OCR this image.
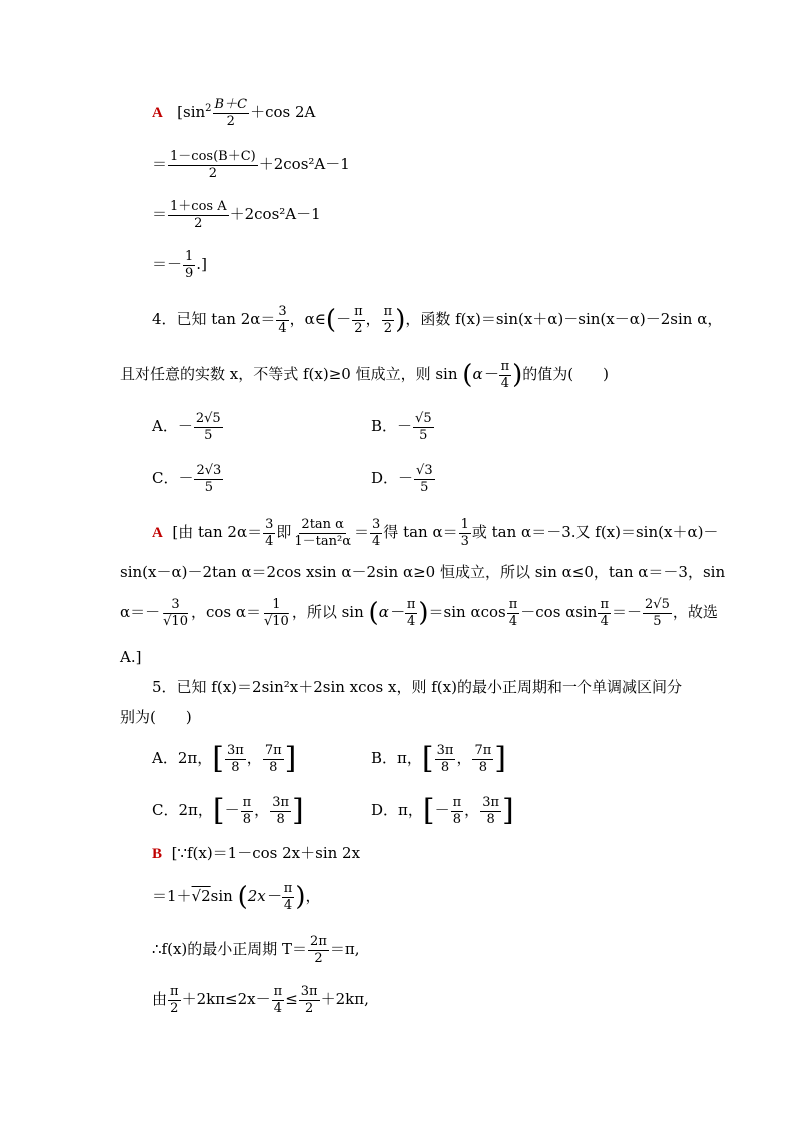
A [$\sin^2 \frac{B+C}{2} +\cos$ 2A
＝ $\frac{1-\cos(B+C)}{2} +2\cos^2A-1$
＝ $\frac{\text{1＋cos A}}{2} +2\cos^2A-1$
＝－ $\frac{1}{9}$ .]
4．已知 $\tan 2\alpha= \frac{3}{4}$ ，α∈(－ $\frac{\pi}{2}$ ， $\frac{\pi}{2}$ )，函数 f(x)＝sin(x＋α)－sin(x－α)－2sin α，
且对任意的实数 x，不等式 f(x)≥0 恒成立，则 $\sin (\alpha- \frac{\pi}{4}$ )的值为(　　)
A．－ $\frac{2√5}{5}$	B．－ $\frac{√5}{5}$
C．－ $\frac{2√3}{5}$	D．－ $\frac{√3}{5}$
A [由 $\tan 2\alpha= \frac{3}{4}$ 即 $\frac{\text{2tan α}}{\text{1－tan²α}} = \frac{3}{4}$ 得 $\tan \alpha= \frac{1}{3}$ 或 tan α＝－3.又 f(x)＝sin(x＋α)－
sin(x－α)－2tan α＝2cos xsin α－2sin α≥0 恒成立，所以 sin α≤0，tan α＝－3，sin
$\alpha=- \frac{3}{√10}$ ，$\cos \alpha= \frac{1}{√10}$ ，所以 $\sin (\alpha- \frac{\pi}{4} )=\sin$ αcos $\frac{\pi}{4} -\cos$ αsin $\frac{\pi}{4} =- \frac{2√5}{5}$ ，故选
A.]
5．已知 f(x)＝2sin²x＋2sin xcos x，则 f(x)的最小正周期和一个单调减区间分
别为(　　)
A．2π，[ $\frac{3\pi}{8}$ ， $\frac{7\pi}{8}$ ]	B．π，[ $\frac{3\pi}{8}$ ， $\frac{7\pi}{8}$ ]
C．2π，[－ $\frac{\pi}{8}$ ， $\frac{3\pi}{8}$ ]	D．π，[－ $\frac{\pi}{8}$ ， $\frac{3\pi}{8}$ ]
B [∵f(x)＝1－cos 2x＋sin 2x
＝1＋√2sin ($2x- \frac{\pi}{4}$ )，
∴f(x)的最小正周期 $T= \frac{2\pi}{2} =\pi$,
由 $\frac{\pi}{2} +2k\pi\le 2x- \frac{\pi}{4} \le \frac{3\pi}{2} +2k\pi$,
